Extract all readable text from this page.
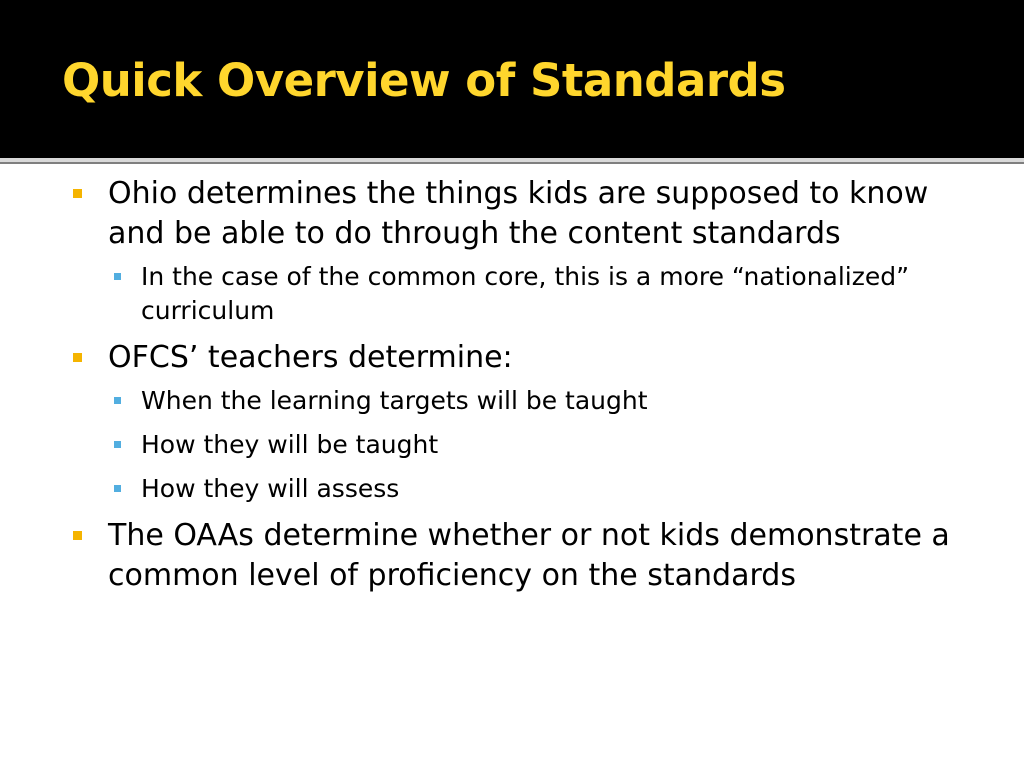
Quick Overview of Standards
Ohio determines the things kids are supposed to know and be able to do through the content standards
In the case of the common core, this is a more “nationalized” curriculum
OFCS’ teachers determine:
When the learning targets will be taught
How they will be taught
How they will assess
The OAAs determine whether or not kids demonstrate a common level of proficiency on the standards
